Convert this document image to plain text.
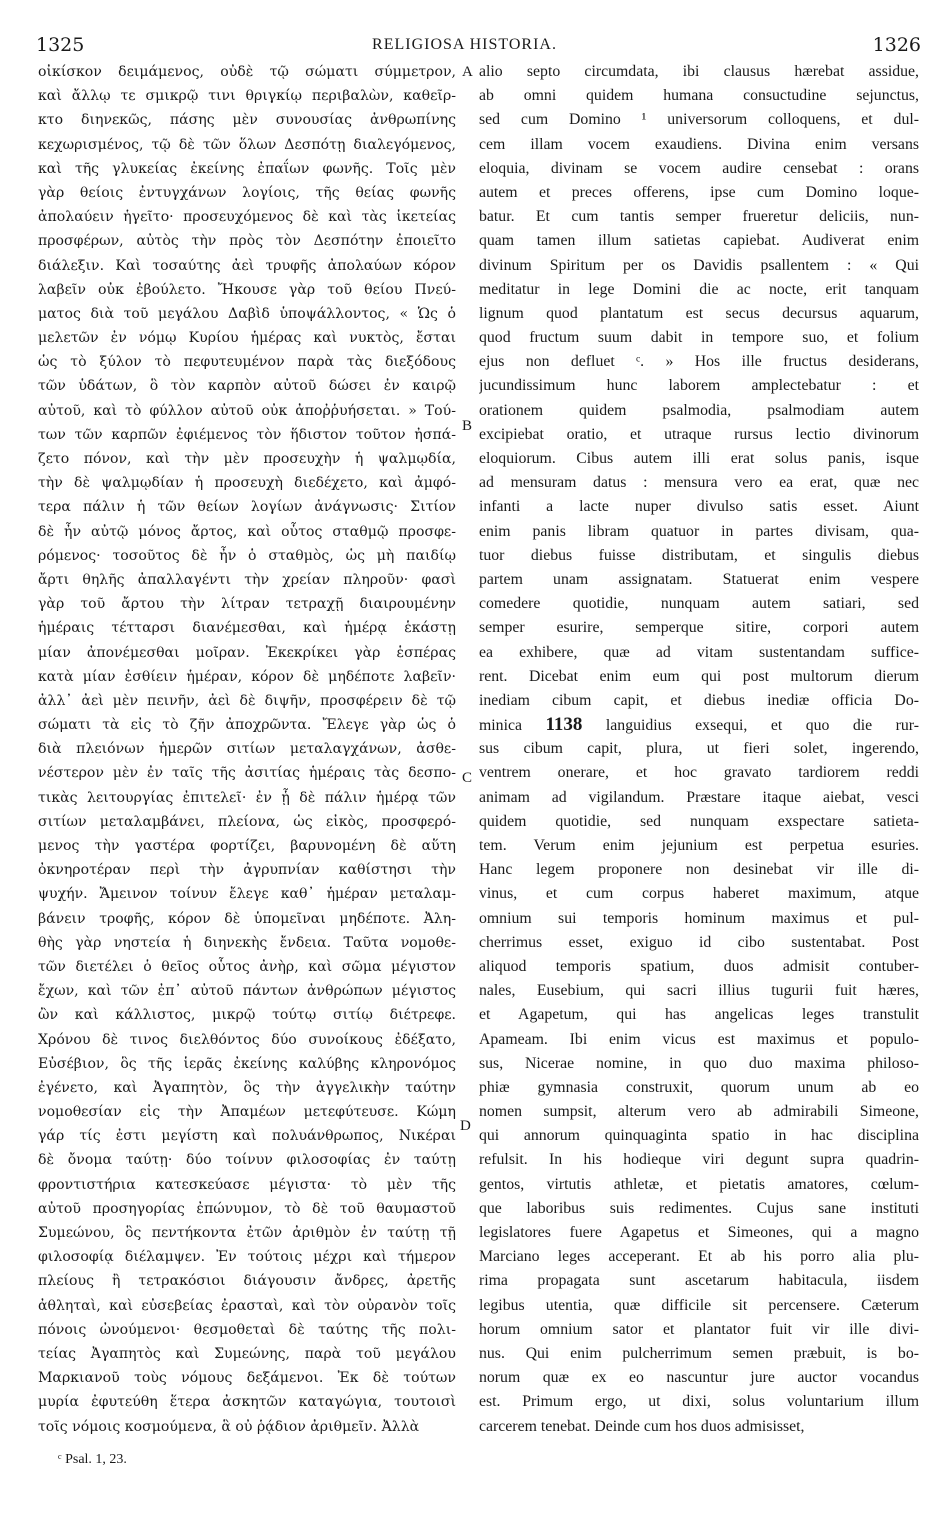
1325	RELIGIOSA HISTORIA.	1326
οἰκίσκον δειμάμενος, οὐδὲ τῷ σώματι σύμμετρον,
καὶ ἄλλῳ τε σμικρῷ τινι θριγκίῳ περιβαλὼν, καθεῖρ-
κτο διηνεκῶς, πάσης μὲν συνουσίας ἀνθρωπίνης
κεχωρισμένος, τῷ δὲ τῶν ὅλων Δεσπότῃ διαλεγόμενος,
καὶ τῆς γλυκείας ἐκείνης ἐπαΐων φωνῆς. Τοῖς μὲν
γὰρ θείοις ἐντυγχάνων λογίοις, τῆς θείας φωνῆς
ἀπολαύειν ἡγεῖτο· προσευχόμενος δὲ καὶ τὰς ἱκετείας
προσφέρων, αὐτὸς τὴν πρὸς τὸν Δεσπότην ἐποιεῖτο
διάλεξιν. Καὶ τοσαύτης ἀεὶ τρυφῆς ἀπολαύων κόρον
λαβεῖν οὐκ ἐβούλετο. Ἤκουσε γὰρ τοῦ θείου Πνεύ-
ματος διὰ τοῦ μεγάλου Δαβὶδ ὑποψάλλοντος, « Ὡς ὁ
μελετῶν ἐν νόμῳ Κυρίου ἡμέρας καὶ νυκτὸς, ἔσται
ὡς τὸ ξύλον τὸ πεφυτευμένον παρὰ τὰς διεξόδους
τῶν ὑδάτων, ὃ τὸν καρπὸν αὐτοῦ δώσει ἐν καιρῷ
αὐτοῦ, καὶ τὸ φύλλον αὐτοῦ οὐκ ἀποῤῥυήσεται. » Τού-
των τῶν καρπῶν ἐφιέμενος τὸν ἥδιστον τοῦτον ἠσπά-
ζετο πόνον, καὶ τὴν μὲν προσευχὴν ἡ ψαλμῳδία,
τὴν δὲ ψαλμῳδίαν ἡ προσευχὴ διεδέχετο, καὶ ἀμφό-
τερα πάλιν ἡ τῶν θείων λογίων ἀνάγνωσις· Σιτίον
δὲ ἦν αὐτῷ μόνος ἄρτος, καὶ οὗτος σταθμῷ προσφε-
ρόμενος· τοσοῦτος δὲ ἦν ὁ σταθμὸς, ὡς μὴ παιδίῳ
ἄρτι θηλῆς ἀπαλλαγέντι τὴν χρείαν πληροῦν· φασὶ
γὰρ τοῦ ἄρτου τὴν λίτραν τετραχῇ διαιρουμένην
ἡμέραις τέτταρσι διανέμεσθαι, καὶ ἡμέρᾳ ἑκάστῃ
μίαν ἀπονέμεσθαι μοῖραν. Ἐκεκρίκει γὰρ ἑσπέρας
κατὰ μίαν ἐσθίειν ἡμέραν, κόρον δὲ μηδέποτε λαβεῖν·
ἀλλ᾽ ἀεὶ μὲν πεινῆν, ἀεὶ δὲ διψῆν, προσφέρειν δὲ τῷ
σώματι τὰ εἰς τὸ ζῆν ἀποχρῶντα. Ἔλεγε γὰρ ὡς ὁ
διὰ πλειόνων ἡμερῶν σιτίων μεταλαγχάνων, ἀσθε-
νέστερον μὲν ἐν ταῖς τῆς ἀσιτίας ἡμέραις τὰς δεσπο-
τικὰς λειτουργίας ἐπιτελεῖ· ἐν ᾗ δὲ πάλιν ἡμέρᾳ τῶν
σιτίων μεταλαμβάνει, πλείονα, ὡς εἰκὸς, προσφερό-
μενος τὴν γαστέρα φορτίζει, βαρυνομένη δὲ αὕτη
ὀκνηροτέραν περὶ τὴν ἀγρυπνίαν καθίστησι τὴν
ψυχήν. Ἄμεινον τοίνυν ἔλεγε καθ᾽ ἡμέραν μεταλαμ-
βάνειν τροφῆς, κόρον δὲ ὑπομεῖναι μηδέποτε. Ἀλη-
θὴς γὰρ νηστεία ἡ διηνεκὴς ἔνδεια. Ταῦτα νομοθε-
τῶν διετέλει ὁ θεῖος οὗτος ἀνὴρ, καὶ σῶμα μέγιστον
ἔχων, καὶ τῶν ἐπ᾽ αὐτοῦ πάντων ἀνθρώπων μέγιστος
ὢν καὶ κάλλιστος, μικρῷ τούτῳ σιτίῳ διέτρεφε.
Χρόνου δὲ τινος διελθόντος δύο συνοίκους ἐδέξατο,
Εὐσέβιον, ὃς τῆς ἱερᾶς ἐκείνης καλύβης κληρονόμος
ἐγένετο, καὶ Ἀγαπητὸν, ὃς τὴν ἀγγελικὴν ταύτην
νομοθεσίαν εἰς τὴν Ἀπαμέων μετεφύτευσε. Κώμη
γάρ τίς ἐστι μεγίστη καὶ πολυάνθρωπος, Νικέραι
δὲ ὄνομα ταύτῃ· δύο τοίνυν φιλοσοφίας ἐν ταύτῃ
φροντιστήρια κατεσκεύασε μέγιστα· τὸ μὲν τῆς
αὐτοῦ προσηγορίας ἐπώνυμον, τὸ δὲ τοῦ θαυμαστοῦ
Συμεώνου, ὃς πεντήκοντα ἐτῶν ἀριθμὸν ἐν ταύτῃ τῇ
φιλοσοφίᾳ διέλαμψεν. Ἐν τούτοις μέχρι καὶ τήμερον
πλείους ἢ τετρακόσιοι διάγουσιν ἄνδρες, ἀρετῆς
ἀθληταὶ, καὶ εὐσεβείας ἐρασταὶ, καὶ τὸν οὐρανὸν τοῖς
πόνοις ὠνούμενοι· θεσμοθεταὶ δὲ ταύτης τῆς πολι-
τείας Ἀγαπητὸς καὶ Συμεώνης, παρὰ τοῦ μεγάλου
Μαρκιανοῦ τοὺς νόμους δεξάμενοι. Ἐκ δὲ τούτων
μυρία ἐφυτεύθη ἕτερα ἀσκητῶν καταγώγια, τουτοισὶ
τοῖς νόμοις κοσμούμενα, ἃ οὐ ῥᾴδιον ἀριθμεῖν. Ἀλλὰ
alio septo circumdata, ibi clausus hærebat assidue,
ab omni quidem humana consuctudine sejunctus,
sed cum Domino ¹ universorum colloquens, et dul-
cem illam vocem exaudiens. Divina enim versans
eloquia, divinam se vocem audire censebat : orans
autem et preces offerens, ipse cum Domino loque-
batur. Et cum tantis semper frueretur deliciis, nun-
quam tamen illum satietas capiebat. Audiverat enim
divinum Spiritum per os Davidis psallentem : « Qui
meditatur in lege Domini die ac nocte, erit tanquam
lignum quod plantatum est secus decursus aquarum,
quod fructum suum dabit in tempore suo, et folium
ejus non defluet ᶜ. » Hos ille fructus desiderans,
jucundissimum hunc laborem amplectebatur : et
orationem quidem psalmodia, psalmodiam autem
excipiebat oratio, et utraque rursus lectio divinorum
eloquiorum. Cibus autem illi erat solus panis, isque
ad mensuram datus : mensura vero ea erat, quæ nec
infanti a lacte nuper divulso satis esset. Aiunt
enim panis libram quatuor in partes divisam, qua-
tuor diebus fuisse distributam, et singulis diebus
partem unam assignatam. Statuerat enim vespere
comedere quotidie, nunquam autem satiari, sed
semper esurire, semperque sitire, corpori autem
ea exhibere, quæ ad vitam sustentandam suffice-
rent. Dicebat enim eum qui post multorum dierum
inediam cibum capit, et diebus inediæ officia Do-
minica 1138 languidius exsequi, et quo die rur-
sus cibum capit, plura, ut fieri solet, ingerendo,
ventrem onerare, et hoc gravato tardiorem reddi
animam ad vigilandum. Præstare itaque aiebat, vesci
quidem quotidie, sed nunquam exspectare satieta-
tem. Verum enim jejunium est perpetua esuries.
Hanc legem proponere non desinebat vir ille di-
vinus, et cum corpus haberet maximum, atque
omnium sui temporis hominum maximus et pul-
cherrimus esset, exiguo id cibo sustentabat. Post
aliquod temporis spatium, duos admisit contuber-
nales, Eusebium, qui sacri illius tugurii fuit hæres,
et Agapetum, qui has angelicas leges transtulit
Apameam. Ibi enim vicus est maximus et populo-
sus, Nicerae nomine, in quo duo maxima philoso-
phiæ gymnasia construxit, quorum unum ab eo
nomen sumpsit, alterum vero ab admirabili Simeone,
qui annorum quinquaginta spatio in hac disciplina
refulsit. In his hodieque viri degunt supra quadrin-
gentos, virtutis athletæ, et pietatis amatores, cœlum-
que laboribus suis redimentes. Cujus sane instituti
legislatores fuere Agapetus et Simeones, qui a magno
Marciano leges acceperant. Et ab his porro alia plu-
rima propagata sunt ascetarum habitacula, iisdem
legibus utentia, quæ difficile sit percensere. Cæterum
horum omnium sator et plantator fuit vir ille divi-
nus. Qui enim pulcherrimum semen præbuit, is bo-
norum quæ ex eo nascuntur jure auctor vocandus
est. Primum ergo, ut dixi, solus voluntarium illum
carcerem tenebat. Deinde cum hos duos admisisset,
A
B
C
D
ᶜ Psal. 1, 23.
